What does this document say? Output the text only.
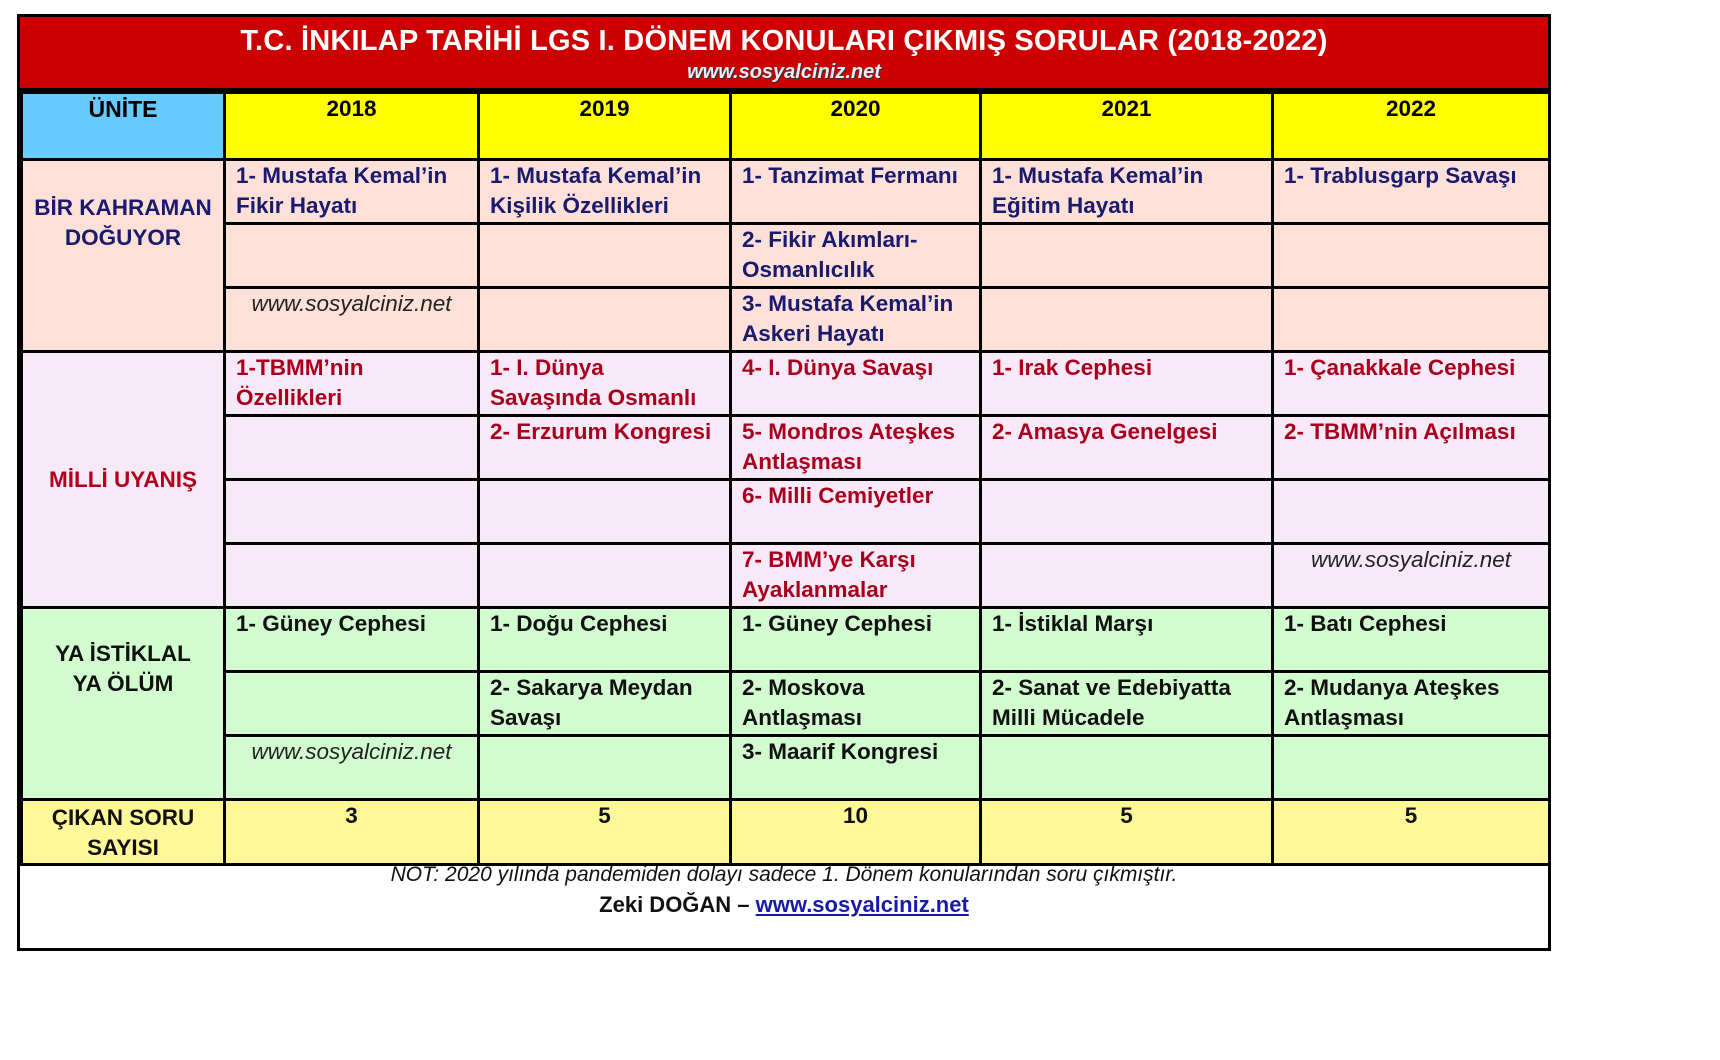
T.C. İNKILAP TARİHİ LGS I. DÖNEM KONULARI ÇIKMIŞ SORULAR (2018-2022)
www.sosyalciniz.net
ÜNİTE	2018	2019	2020	2021	2022

BİR KAHRAMAN
DOĞUYOR	1- Mustafa Kemal’in Fikir Hayatı	1- Mustafa Kemal’in Kişilik Özellikleri	1- Tanzimat Fermanı	1- Mustafa Kemal’in Eğitim Hayatı	1- Trablusgarp Savaşı
			2- Fikir Akımları-Osmanlıcılık		
	www.sosyalciniz.net		3- Mustafa Kemal’in Askeri Hayatı		

MİLLİ UYANIŞ	1-TBMM’nin Özellikleri	1- I. Dünya Savaşında Osmanlı	4- I. Dünya Savaşı	1- Irak Cephesi	1- Çanakkale Cephesi
		2- Erzurum Kongresi	5- Mondros Ateşkes Antlaşması	2- Amasya Genelgesi	2- TBMM’nin Açılması
			6- Milli Cemiyetler		
			7- BMM’ye Karşı Ayaklanmalar		www.sosyalciniz.net

YA İSTİKLAL
YA ÖLÜM	1- Güney Cephesi	1- Doğu Cephesi	1- Güney Cephesi	1- İstiklal Marşı	1- Batı Cephesi
		2- Sakarya Meydan Savaşı	2- Moskova Antlaşması	2- Sanat ve Edebiyatta Milli Mücadele	2- Mudanya Ateşkes Antlaşması
	www.sosyalciniz.net		3- Maarif Kongresi		

ÇIKAN SORU
SAYISI	3	5	10	5	5
NOT: 2020 yılında pandemiden dolayı sadece 1. Dönem konularından soru çıkmıştır.
Zeki DOĞAN – www.sosyalciniz.net
